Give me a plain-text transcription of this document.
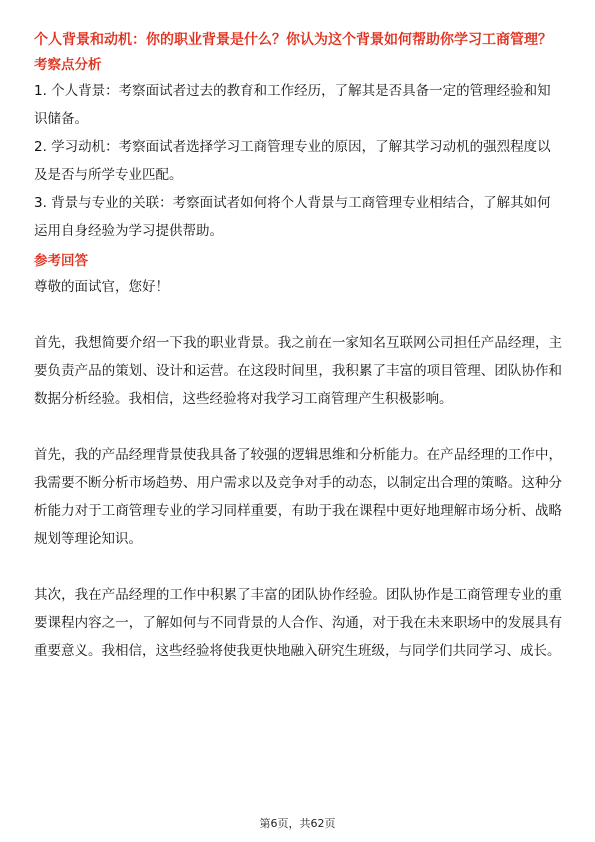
个人背景和动机：你的职业背景是什么？你认为这个背景如何帮助你学习工商管理？

考察点分析

1. 个人背景：考察面试者过去的教育和工作经历，了解其是否具备一定的管理经验和知识储备。

2. 学习动机：考察面试者选择学习工商管理专业的原因，了解其学习动机的强烈程度以及是否与所学专业匹配。

3. 背景与专业的关联：考察面试者如何将个人背景与工商管理专业相结合，了解其如何运用自身经验为学习提供帮助。

参考回答

尊敬的面试官，您好！

首先，我想简要介绍一下我的职业背景。我之前在一家知名互联网公司担任产品经理，主要负责产品的策划、设计和运营。在这段时间里，我积累了丰富的项目管理、团队协作和数据分析经验。我相信，这些经验将对我学习工商管理产生积极影响。

首先，我的产品经理背景使我具备了较强的逻辑思维和分析能力。在产品经理的工作中，我需要不断分析市场趋势、用户需求以及竞争对手的动态，以制定出合理的策略。这种分析能力对于工商管理专业的学习同样重要，有助于我在课程中更好地理解市场分析、战略规划等理论知识。

其次，我在产品经理的工作中积累了丰富的团队协作经验。团队协作是工商管理专业的重要课程内容之一，了解如何与不同背景的人合作、沟通，对于我在未来职场中的发展具有重要意义。我相信，这些经验将使我更快地融入研究生班级，与同学们共同学习、成长。

第6页，共62页
